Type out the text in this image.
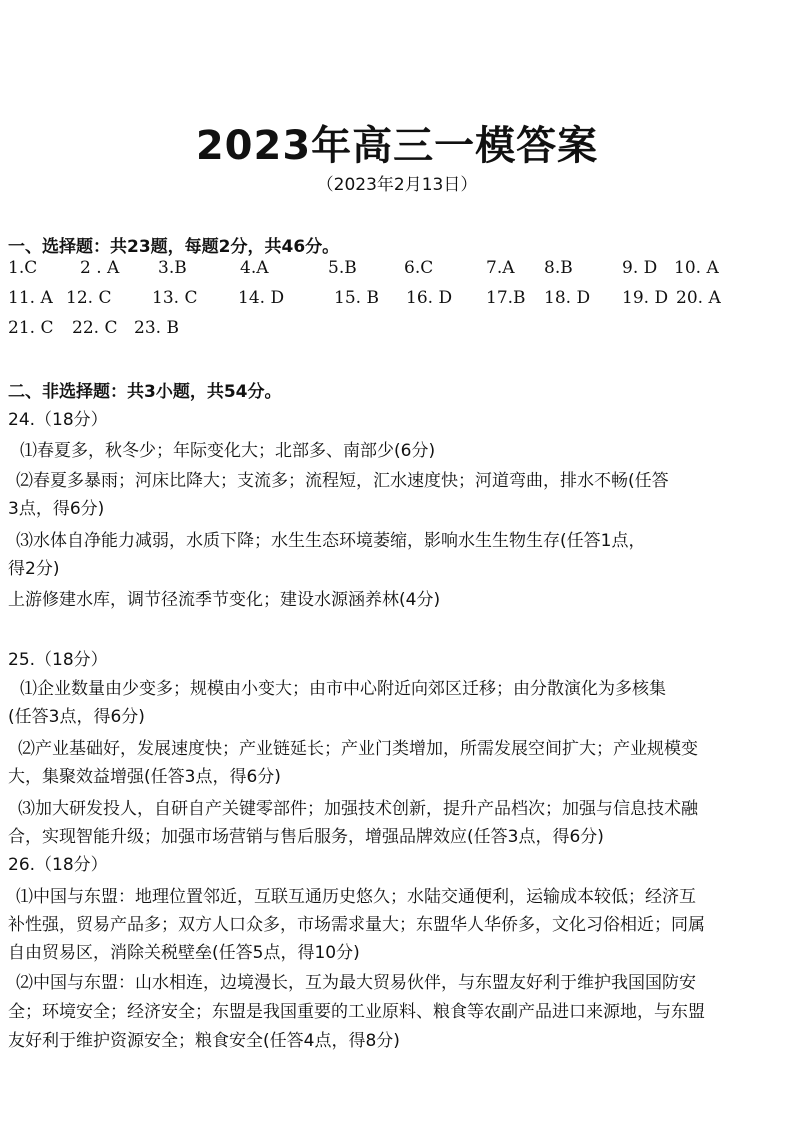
2023年高三一模答案
（2023年2月13日）
一、选择题：共23题，每题2分，共46分。
1.C	2 . A 3.B	4.A	5.B	6.C	7.A 8.B	9. D 10. A
11. A 12. C 13. C 14. D	15. B 16. D 17.B 18. D 19. D 20. A
21. C 22. C 23. B
二、非选择题：共3小题，共54分。
24.（18分）
⑴春夏多，秋冬少；年际变化大；北部多、南部少(6分)
⑵春夏多暴雨；河床比降大；支流多；流程短，汇水速度快；河道弯曲，排水不畅(任答
3点，得6分)
⑶水体自净能力减弱，水质下降；水生生态环境萎缩，影响水生生物生存(任答1点，
得2分)
上游修建水库，调节径流季节变化；建设水源涵养林(4分)
25.（18分）
⑴企业数量由少变多；规模由小变大；由市中心附近向郊区迁移；由分散演化为多核集
(任答3点，得6分)
⑵产业基础好，发展速度快；产业链延长；产业门类增加，所需发展空间扩大；产业规模变
大，集聚效益增强(任答3点，得6分)
⑶加大研发投人，自研自产关键零部件；加强技术创新，提升产品档次；加强与信息技术融
合，实现智能升级；加强市场营销与售后服务，增强品牌效应(任答3点，得6分)
26.（18分）
⑴中国与东盟：地理位置邻近，互联互通历史悠久；水陆交通便利，运输成本较低；经济互
补性强，贸易产品多；双方人口众多，市场需求量大；东盟华人华侨多，文化习俗相近；同属
自由贸易区，消除关税壁垒(任答5点，得10分)
⑵中国与东盟：山水相连，边境漫长，互为最大贸易伙伴，与东盟友好利于维护我国国防安
全；环境安全；经济安全；东盟是我国重要的工业原料、粮食等农副产品进口来源地，与东盟
友好利于维护资源安全；粮食安全(任答4点，得8分)
